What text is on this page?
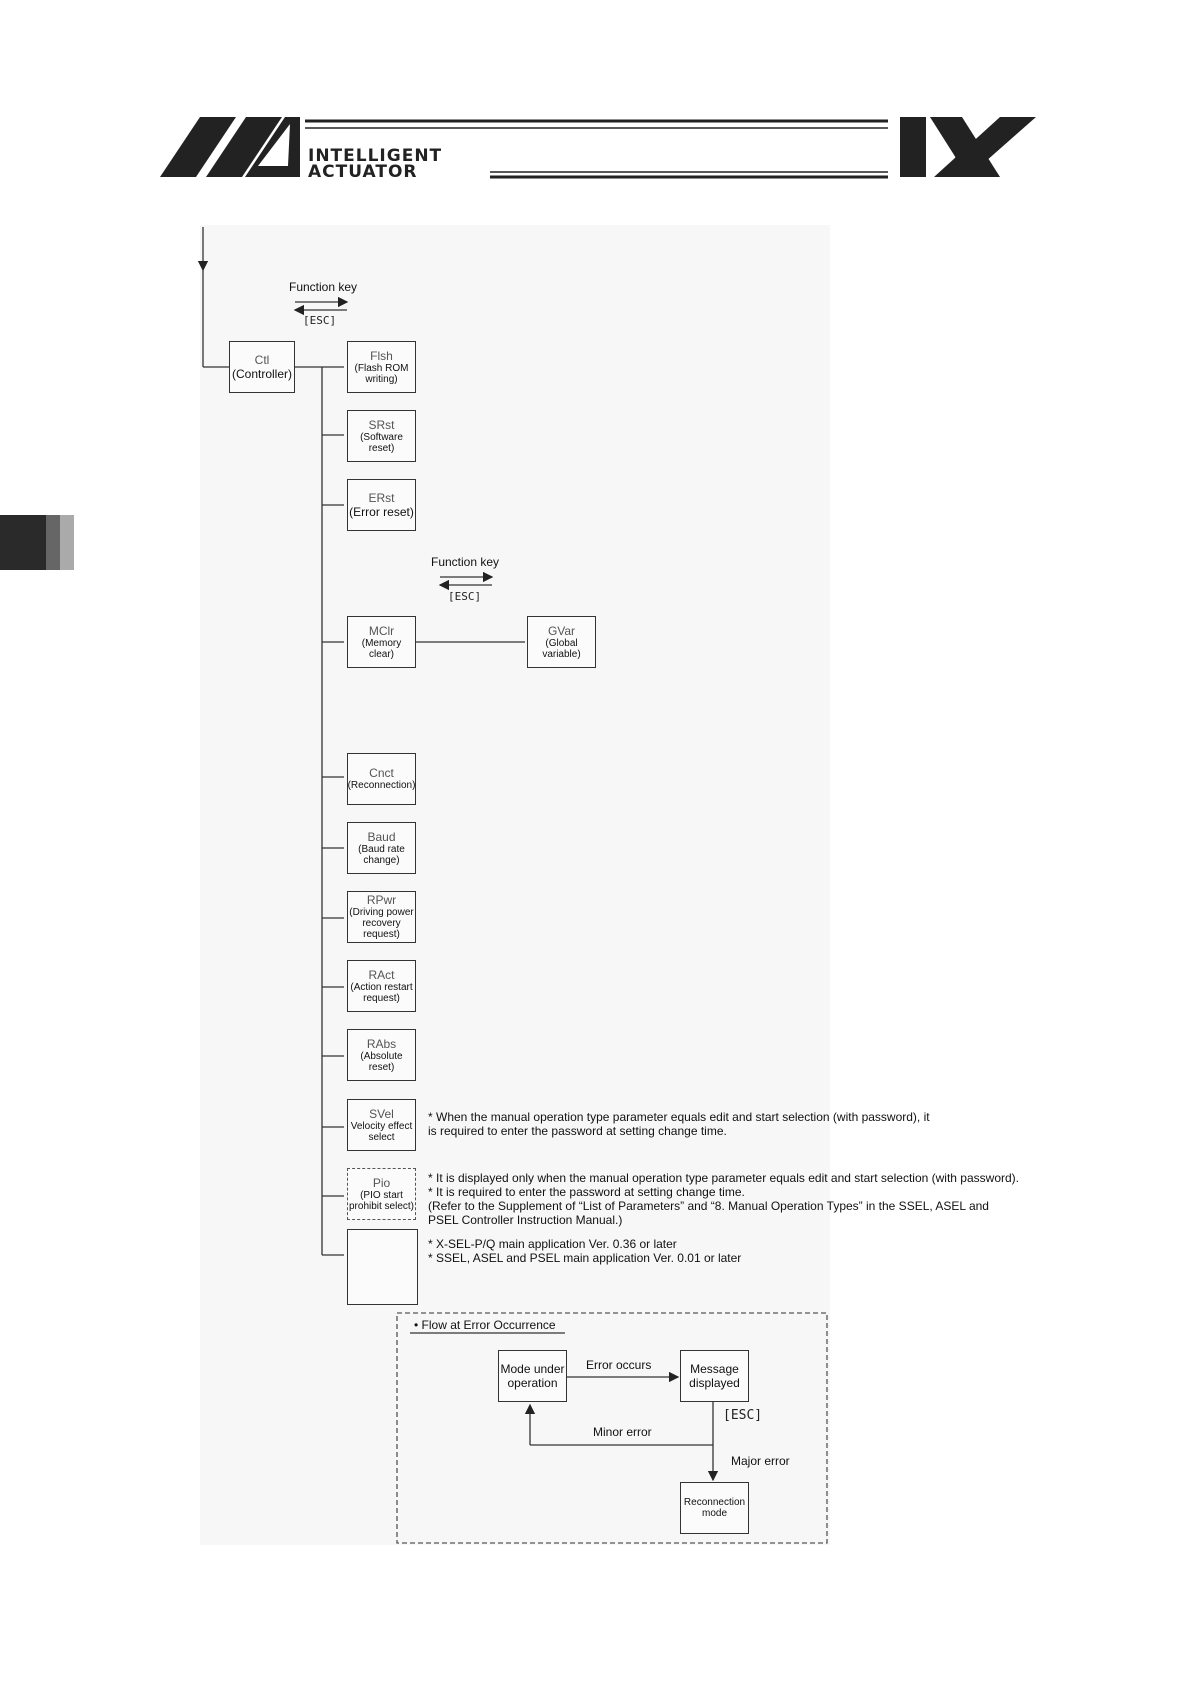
INTELLIGENT
ACTUATOR
Function key
[ESC]
Function key
[ESC]
Ctl
(Controller)
Flsh
(Flash ROM writing)
SRst
(Software reset)
ERst
(Error reset)
MClr
(Memory clear)
GVar
(Global variable)
Cnct
(Reconnection)
Baud
(Baud rate change)
RPwr
(Driving power recovery request)
RAct
(Action restart request)
RAbs
(Absolute reset)
SVel
Velocity effect select
Pio
(PIO start prohibit select)
* When the manual operation type parameter equals edit and start selection (with password), it
is required to enter the password at setting change time.
* It is displayed only when the manual operation type parameter equals edit and start selection (with password).
* It is required to enter the password at setting change time.
(Refer to the Supplement of “List of Parameters” and “8. Manual Operation Types” in the SSEL, ASEL and
PSEL Controller Instruction Manual.)
* X-SEL-P/Q main application Ver. 0.36 or later
* SSEL, ASEL and PSEL main application Ver. 0.01 or later
• Flow at Error Occurrence
Mode under operation
Error occurs	Message displayed
[ESC]
Minor error
Major error
Reconnection mode
